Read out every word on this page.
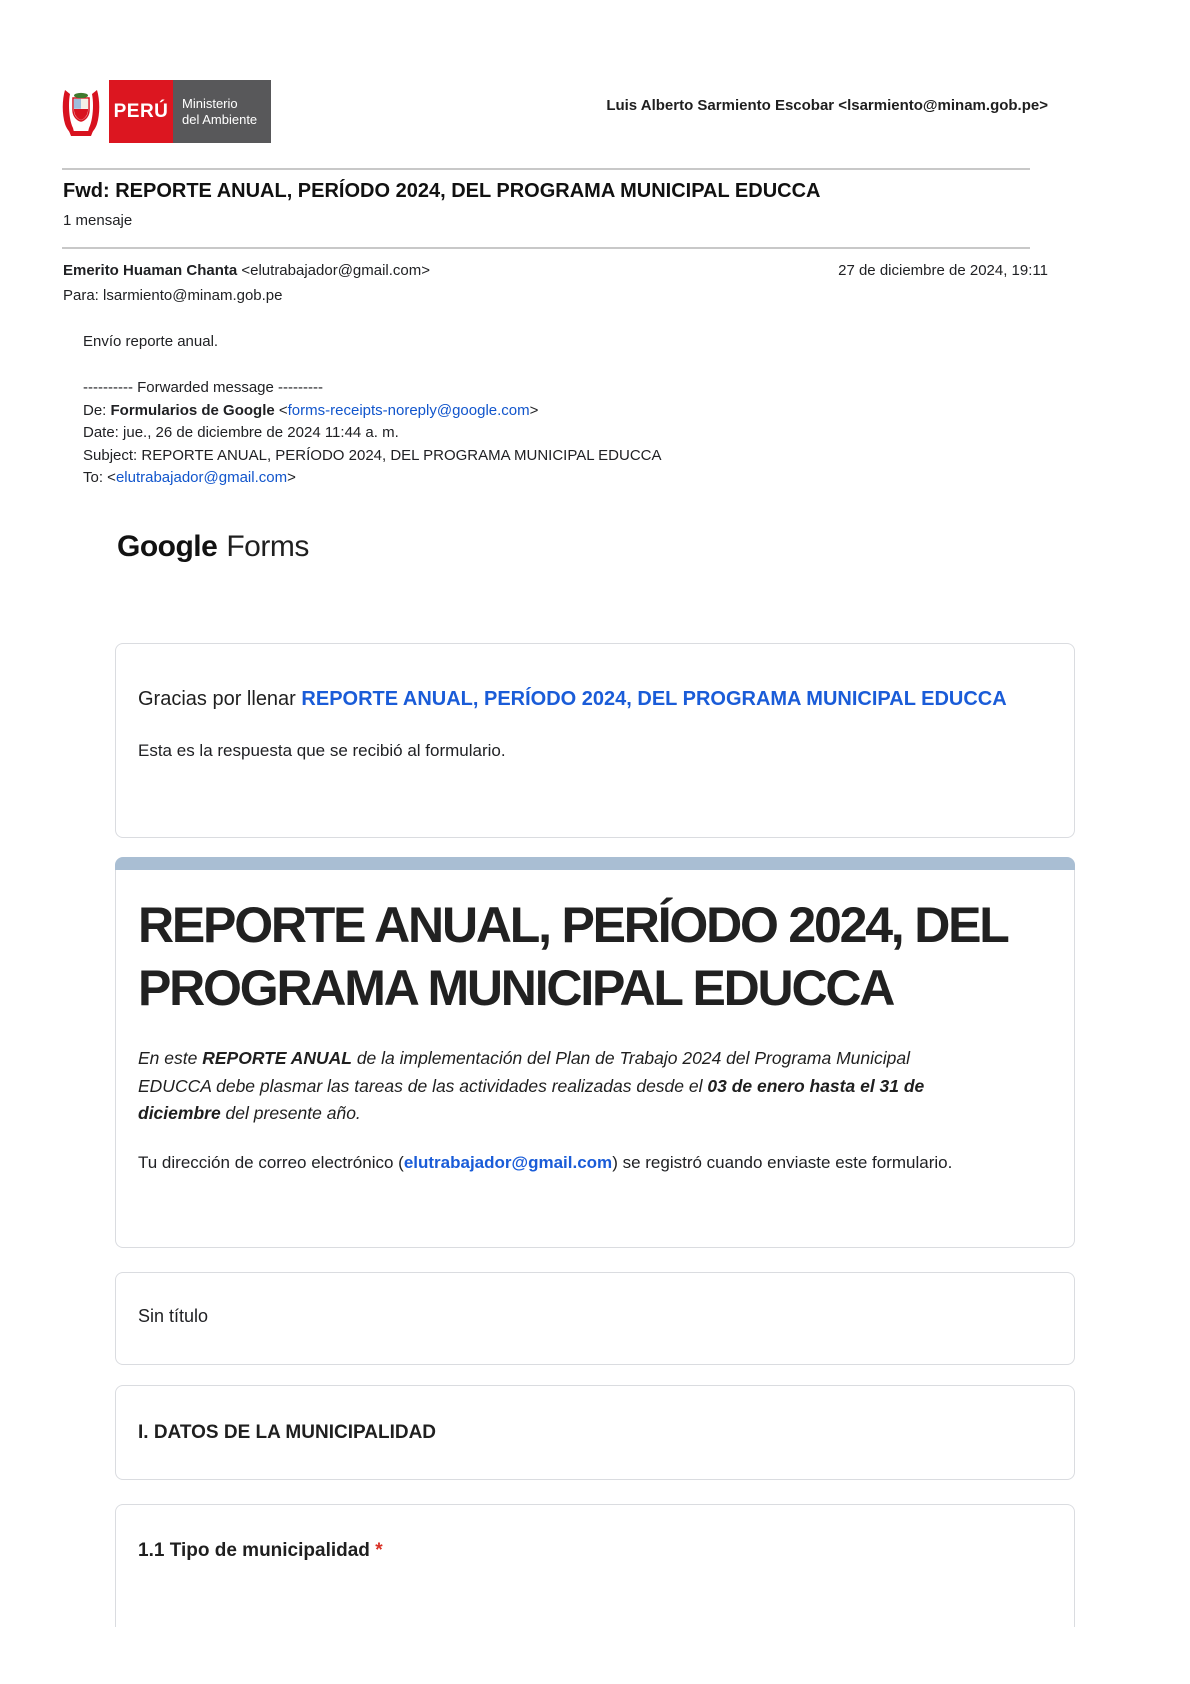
PERÚ	Ministerio
del Ambiente
Luis Alberto Sarmiento Escobar <lsarmiento@minam.gob.pe>
Fwd: REPORTE ANUAL, PERÍODO 2024, DEL PROGRAMA MUNICIPAL EDUCCA
1 mensaje
Emerito Huaman Chanta <elutrabajador@gmail.com>	27 de diciembre de 2024, 19:11
Para: lsarmiento@minam.gob.pe
Envío reporte anual.
---------- Forwarded message ---------
De: Formularios de Google <forms-receipts-noreply@google.com>
Date: jue., 26 de diciembre de 2024 11:44 a. m.
Subject: REPORTE ANUAL, PERÍODO 2024, DEL PROGRAMA MUNICIPAL EDUCCA
To: <elutrabajador@gmail.com>
Google Forms
Gracias por llenar REPORTE ANUAL, PERÍODO 2024, DEL PROGRAMA MUNICIPAL EDUCCA
Esta es la respuesta que se recibió al formulario.
REPORTE ANUAL, PERÍODO 2024, DEL PROGRAMA MUNICIPAL EDUCCA
En este REPORTE ANUAL de la implementación del Plan de Trabajo 2024 del Programa Municipal EDUCCA debe plasmar las tareas de las actividades realizadas desde el 03 de enero hasta el 31 de diciembre del presente año.
Tu dirección de correo electrónico (elutrabajador@gmail.com) se registró cuando enviaste este formulario.
Sin título
I. DATOS DE LA MUNICIPALIDAD
1.1 Tipo de municipalidad *
